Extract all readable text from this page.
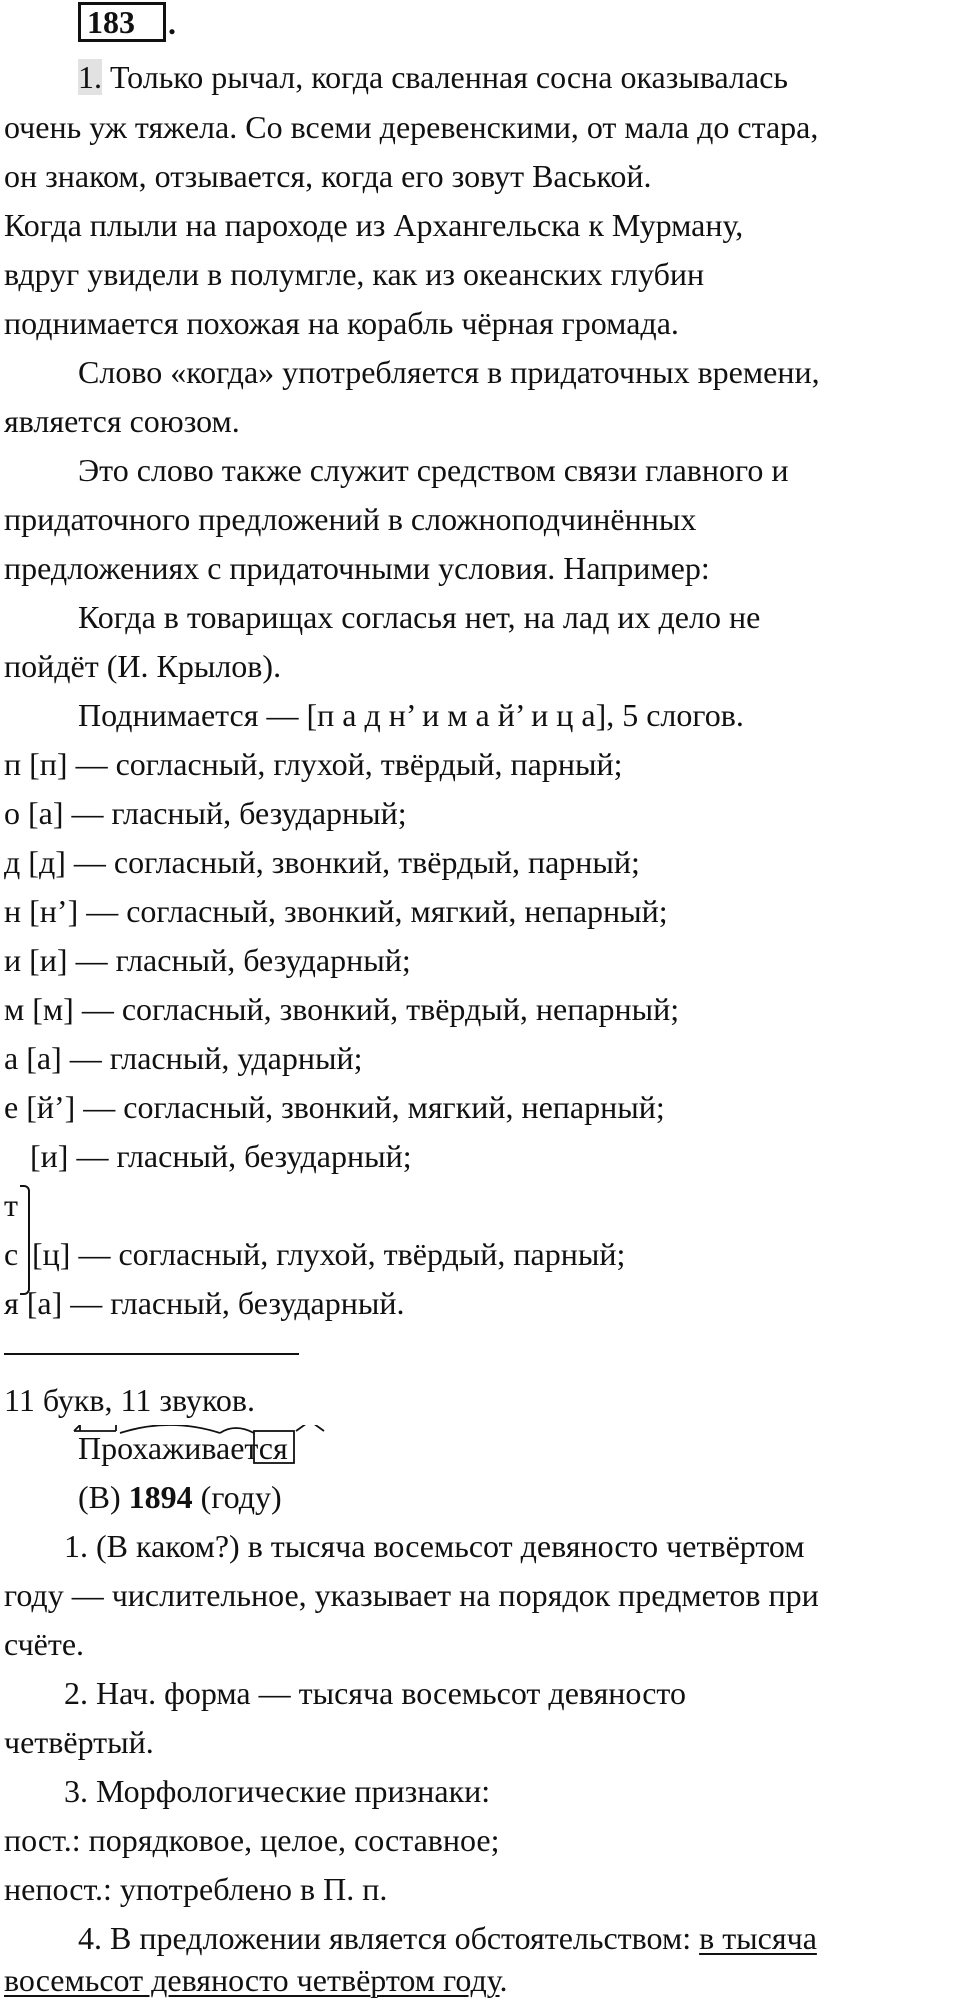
183	.
1. Только рычал, когда сваленная сосна оказывалась
очень уж тяжела. Со всеми деревенскими, от мала до стара,
он знаком, отзывается, когда его зовут Васькой.
Когда плыли на пароходе из Архангельска к Мурману,
вдруг увидели в полумгле, как из океанских глубин
поднимается похожая на корабль чёрная громада.
Слово «когда» употребляется в придаточных времени,
является союзом.
Это слово также служит средством связи главного и
придаточного предложений в сложноподчинённых
предложениях с придаточными условия. Например:
Когда в товарищах согласья нет, на лад их дело не
пойдёт (И. Крылов).
Поднимается — [п а д н’ и м а й’ и ц а], 5 слогов.
п [п] — согласный, глухой, твёрдый, парный;
о [а] — гласный, безударный;
д [д] — согласный, звонкий, твёрдый, парный;
н [н’] — согласный, звонкий, мягкий, непарный;
и [и] — гласный, безударный;
м [м] — согласный, звонкий, твёрдый, непарный;
а [а] — гласный, ударный;
е [й’] — согласный, звонкий, мягкий, непарный;
[и] — гласный, безударный;
т
с [ц] — согласный, глухой, твёрдый, парный;
я [а] — гласный, безударный.
11 букв, 11 звуков.
Прохаживается
(В) 1894 (году)
1. (В каком?) в тысяча восемьсот девяносто четвёртом
году — числительное, указывает на порядок предметов при
счёте.
2. Нач. форма — тысяча восемьсот девяносто
четвёртый.
3. Морфологические признаки:
пост.: порядковое, целое, составное;
непост.: употреблено в П. п.
4. В предложении является обстоятельством: в тысяча
восемьсот девяносто четвёртом году.
